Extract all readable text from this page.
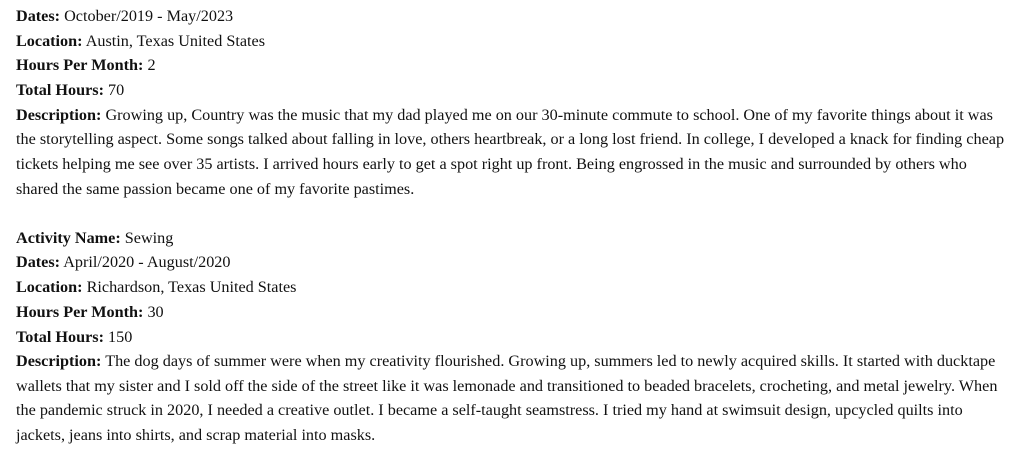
Dates: October/2019 - May/2023

Location: Austin, Texas United States

Hours Per Month: 2

Total Hours: 70

Description: Growing up, Country was the music that my dad played me on our 30-minute commute to school. One of my favorite things about it was the storytelling aspect. Some songs talked about falling in love, others heartbreak, or a long lost friend. In college, I developed a knack for finding cheap tickets helping me see over 35 artists. I arrived hours early to get a spot right up front. Being engrossed in the music and surrounded by others who shared the same passion became one of my favorite pastimes.

Activity Name: Sewing

Dates: April/2020 - August/2020

Location: Richardson, Texas United States

Hours Per Month: 30

Total Hours: 150

Description: The dog days of summer were when my creativity flourished. Growing up, summers led to newly acquired skills. It started with ducktape wallets that my sister and I sold off the side of the street like it was lemonade and transitioned to beaded bracelets, crocheting, and metal jewelry. When the pandemic struck in 2020, I needed a creative outlet. I became a self-taught seamstress. I tried my hand at swimsuit design, upcycled quilts into jackets, jeans into shirts, and scrap material into masks.
